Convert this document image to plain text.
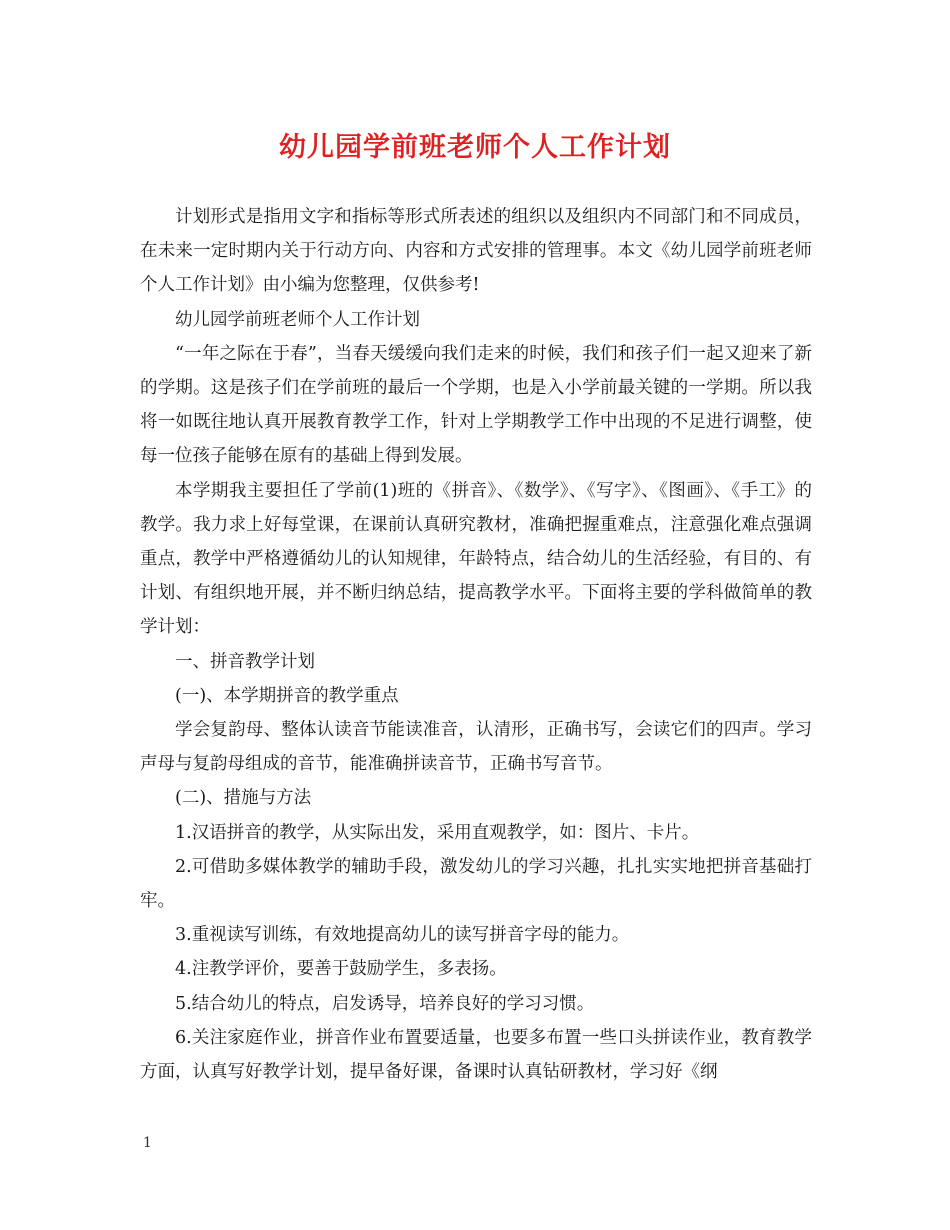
幼儿园学前班老师个人工作计划

计划形式是指用文字和指标等形式所表述的组织以及组织内不同部门和不同成员，在未来一定时期内关于行动方向、内容和方式安排的管理事。本文《幼儿园学前班老师个人工作计划》由小编为您整理，仅供参考!

幼儿园学前班老师个人工作计划

“一年之际在于春”，当春天缓缓向我们走来的时候，我们和孩子们一起又迎来了新的学期。这是孩子们在学前班的最后一个学期，也是入小学前最关键的一学期。所以我将一如既往地认真开展教育教学工作，针对上学期教学工作中出现的不足进行调整，使每一位孩子能够在原有的基础上得到发展。

本学期我主要担任了学前(1)班的《拼音》、《数学》、《写字》、《图画》、《手工》的教学。我力求上好每堂课，在课前认真研究教材，准确把握重难点，注意强化难点强调重点，教学中严格遵循幼儿的认知规律，年龄特点，结合幼儿的生活经验，有目的、有计划、有组织地开展，并不断归纳总结，提高教学水平。下面将主要的学科做简单的教学计划：

一、拼音教学计划

(一)、本学期拼音的教学重点

学会复韵母、整体认读音节能读准音，认清形，正确书写，会读它们的四声。学习声母与复韵母组成的音节，能准确拼读音节，正确书写音节。

(二)、措施与方法

1.汉语拼音的教学，从实际出发，采用直观教学，如：图片、卡片。

2.可借助多媒体教学的辅助手段，激发幼儿的学习兴趣，扎扎实实地把拼音基础打牢。

3.重视读写训练，有效地提高幼儿的读写拼音字母的能力。

4.注教学评价，要善于鼓励学生，多表扬。

5.结合幼儿的特点，启发诱导，培养良好的学习习惯。

6.关注家庭作业，拼音作业布置要适量，也要多布置一些口头拼读作业，教育教学方面，认真写好教学计划，提早备好课，备课时认真钻研教材，学习好《纲

1
